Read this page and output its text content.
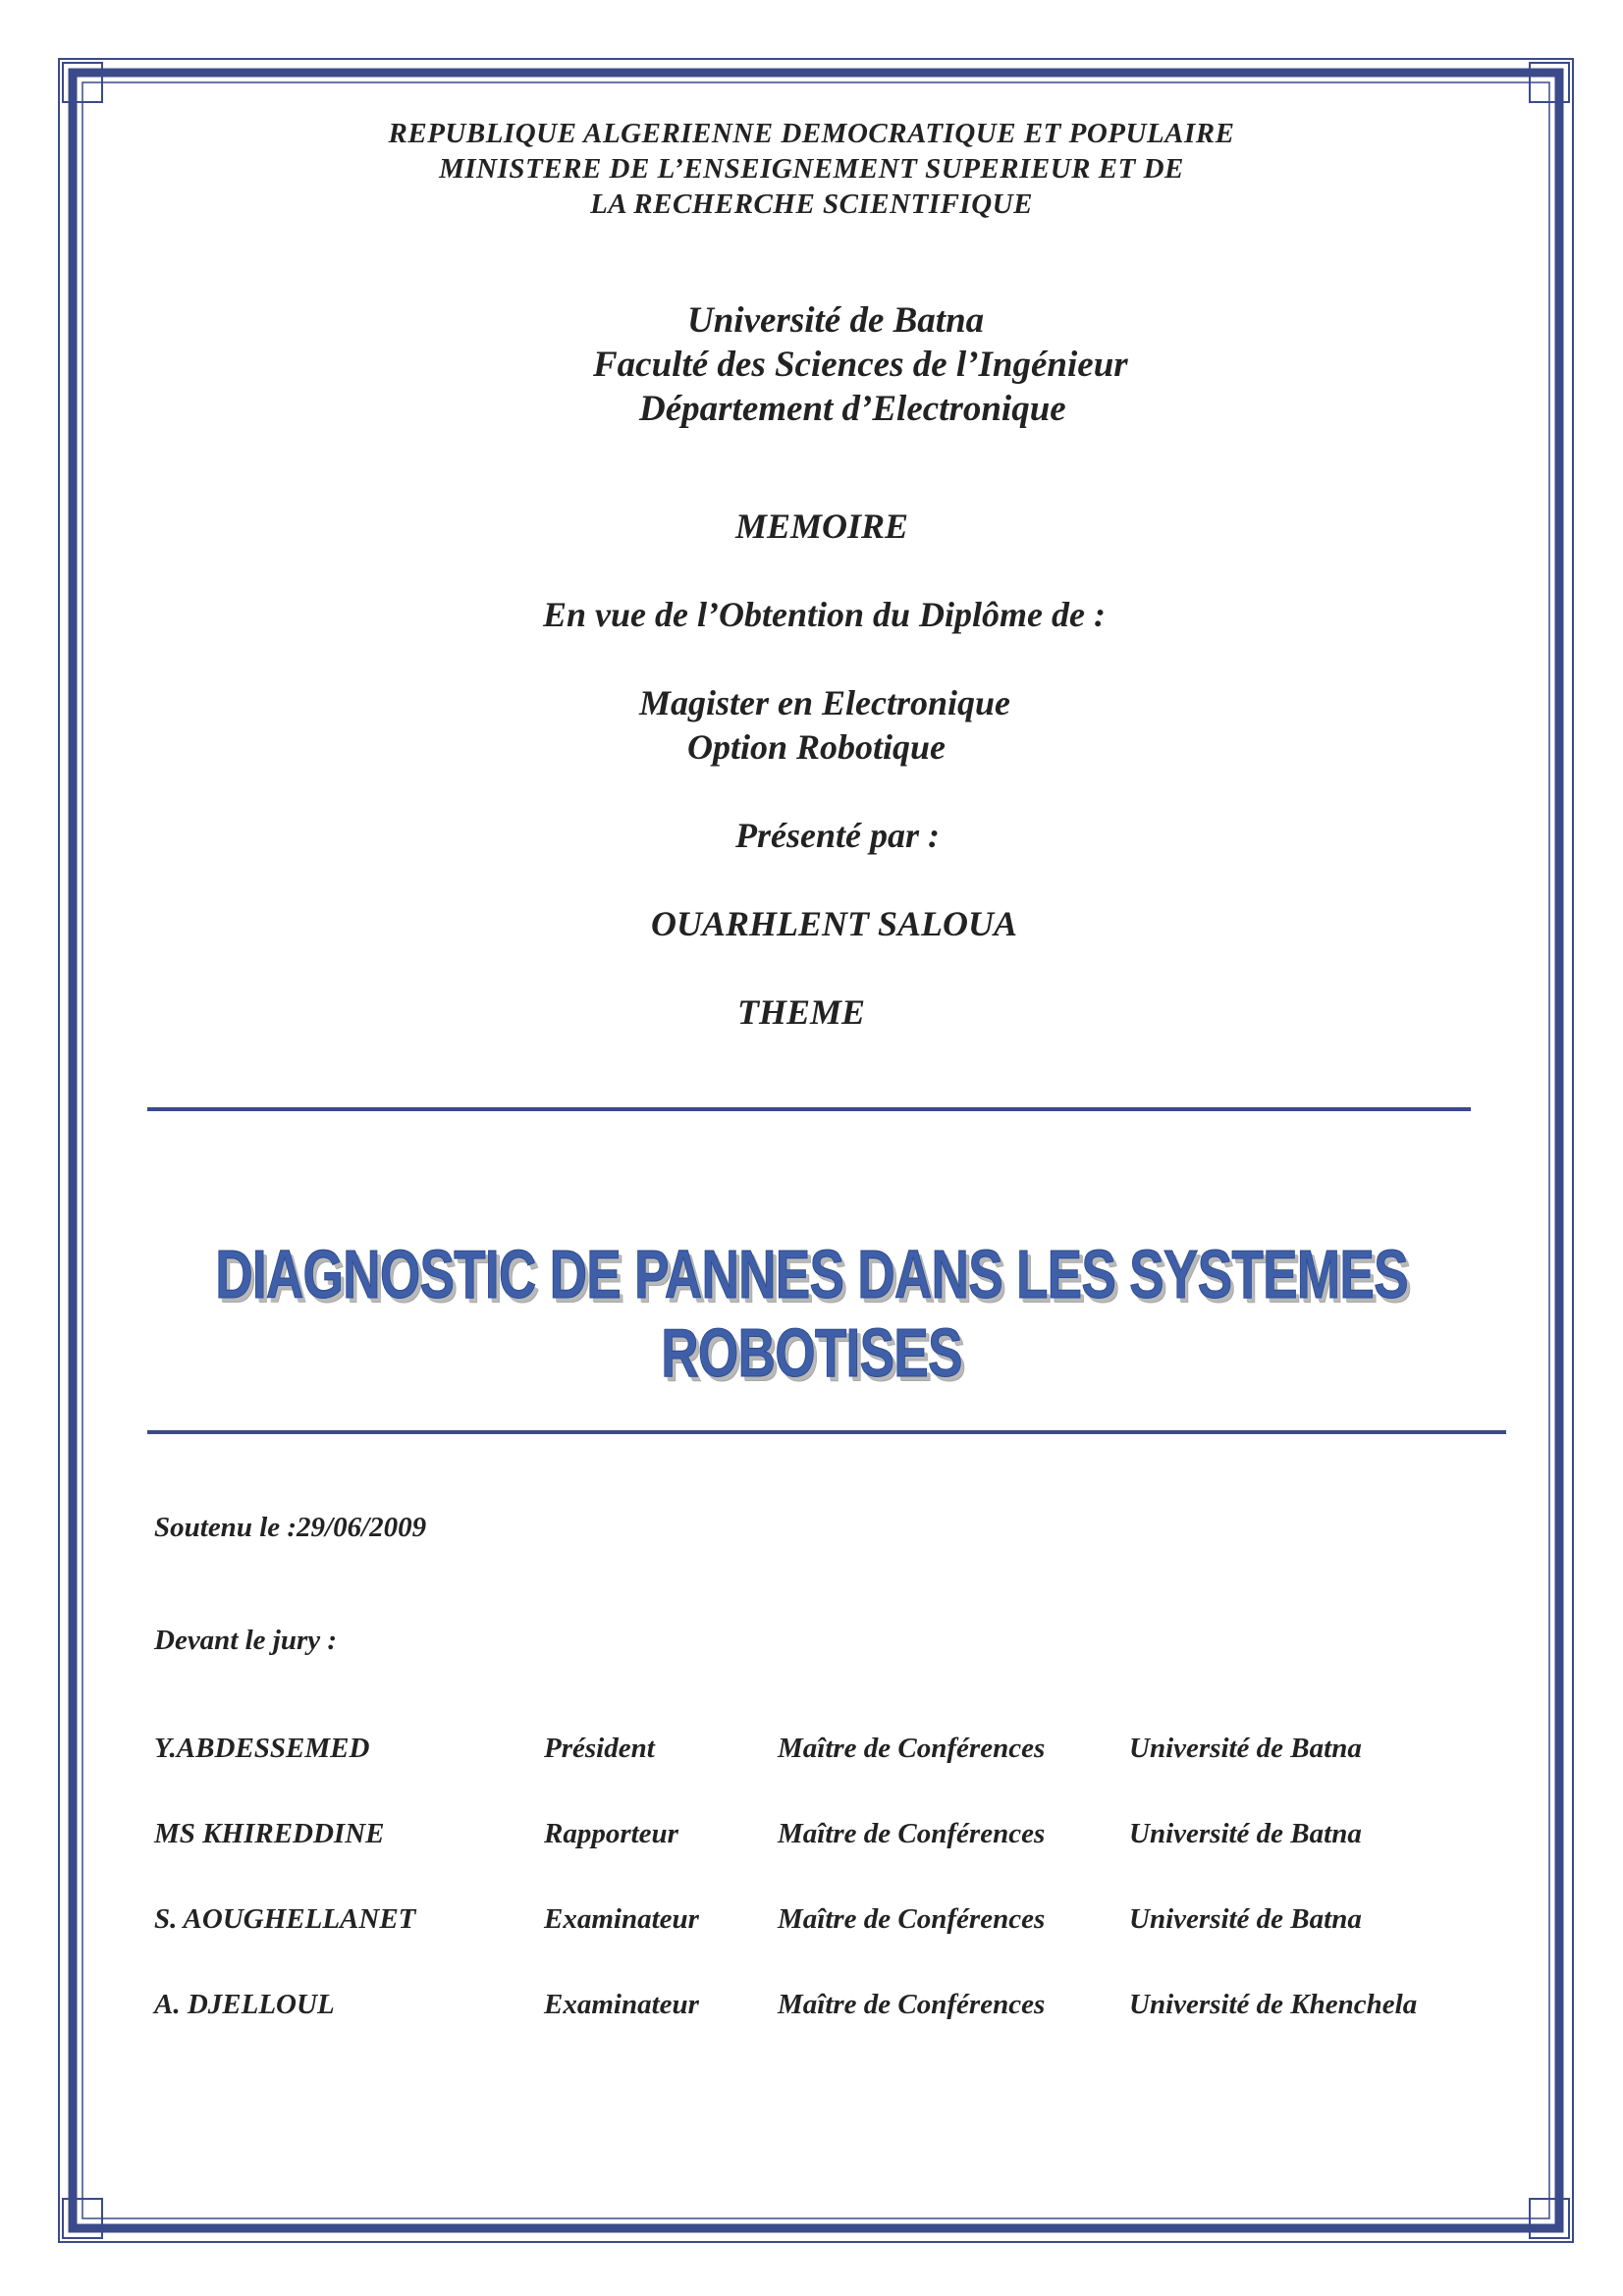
REPUBLIQUE ALGERIENNE DEMOCRATIQUE ET POPULAIRE
MINISTERE DE L’ENSEIGNEMENT SUPERIEUR ET DE
LA RECHERCHE SCIENTIFIQUE
Université de Batna
Faculté des Sciences de l’Ingénieur
Département d’Electronique
MEMOIRE
En vue de l’Obtention du Diplôme de :
Magister en Electronique
Option Robotique
Présenté par :
OUARHLENT SALOUA
THEME
DIAGNOSTIC DE PANNES DANS LES SYSTEMES ROBOTISES
Soutenu le :29/06/2009
Devant le jury :
Y.ABDESSEMED	Président	Maître de Conférences	Université de Batna
MS KHIREDDINE	Rapporteur	Maître de Conférences	Université de Batna
S. AOUGHELLANET	Examinateur	Maître de Conférences	Université de Batna
A. DJELLOUL	Examinateur	Maître de Conférences	Université de Khenchela
